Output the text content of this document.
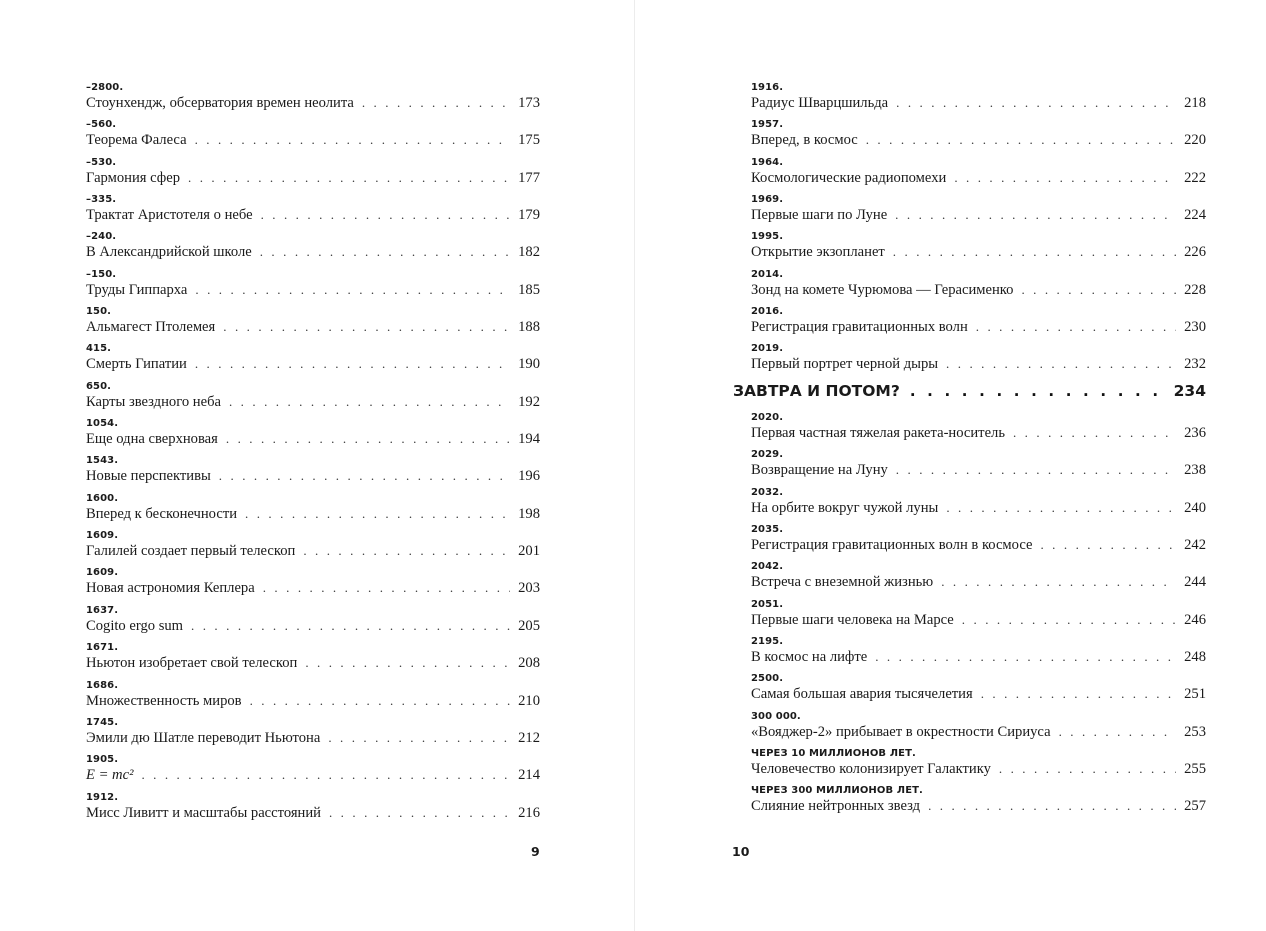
–2800.
Стоунхендж, обсерватория времен неолита . . .	173
–560.
Теорема Фалеса . . .	175
–530.
Гармония сфер . . .	177
–335.
Трактат Аристотеля о небе . . .	179
–240.
В Александрийской школе . . .	182
–150.
Труды Гиппарха . . .	185
150.
Альмагест Птолемея . . .	188
415.
Смерть Гипатии . . .	190
650.
Карты звездного неба . . .	192
1054.
Еще одна сверхновая . . .	194
1543.
Новые перспективы . . .	196
1600.
Вперед к бесконечности . . .	198
1609.
Галилей создает первый телескоп . . .	201
1609.
Новая астрономия Кеплера . . .	203
1637.
Cogito ergo sum . . .	205
1671.
Ньютон изобретает свой телескоп . . .	208
1686.
Множественность миров . . .	210
1745.
Эмили дю Шатле переводит Ньютона . . .	212
1905.
E = mc² . . .	214
1912.
Мисс Ливитт и масштабы расстояний . . .	216
9
1916.
Радиус Шварцшильда . . .	218
1957.
Вперед, в космос . . .	220
1964.
Космологические радиопомехи . . .	222
1969.
Первые шаги по Луне . . .	224
1995.
Открытие экзопланет . . .	226
2014.
Зонд на комете Чурюмова — Герасименко . . .	228
2016.
Регистрация гравитационных волн . . .	230
2019.
Первый портрет черной дыры . . .	232
ЗАВТРА И ПОТОМ? . . .	234
2020.
Первая частная тяжелая ракета-носитель . . .	236
2029.
Возвращение на Луну . . .	238
2032.
На орбите вокруг чужой луны . . .	240
2035.
Регистрация гравитационных волн в космосе . . .	242
2042.
Встреча с внеземной жизнью . . .	244
2051.
Первые шаги человека на Марсе . . .	246
2195.
В космос на лифте . . .	248
2500.
Самая большая авария тысячелетия . . .	251
300 000.
«Вояджер-2» прибывает в окрестности Сириуса . . .	253
ЧЕРЕЗ 10 МИЛЛИОНОВ ЛЕТ.
Человечество колонизирует Галактику . . .	255
ЧЕРЕЗ 300 МИЛЛИОНОВ ЛЕТ.
Слияние нейтронных звезд . . .	257
10
